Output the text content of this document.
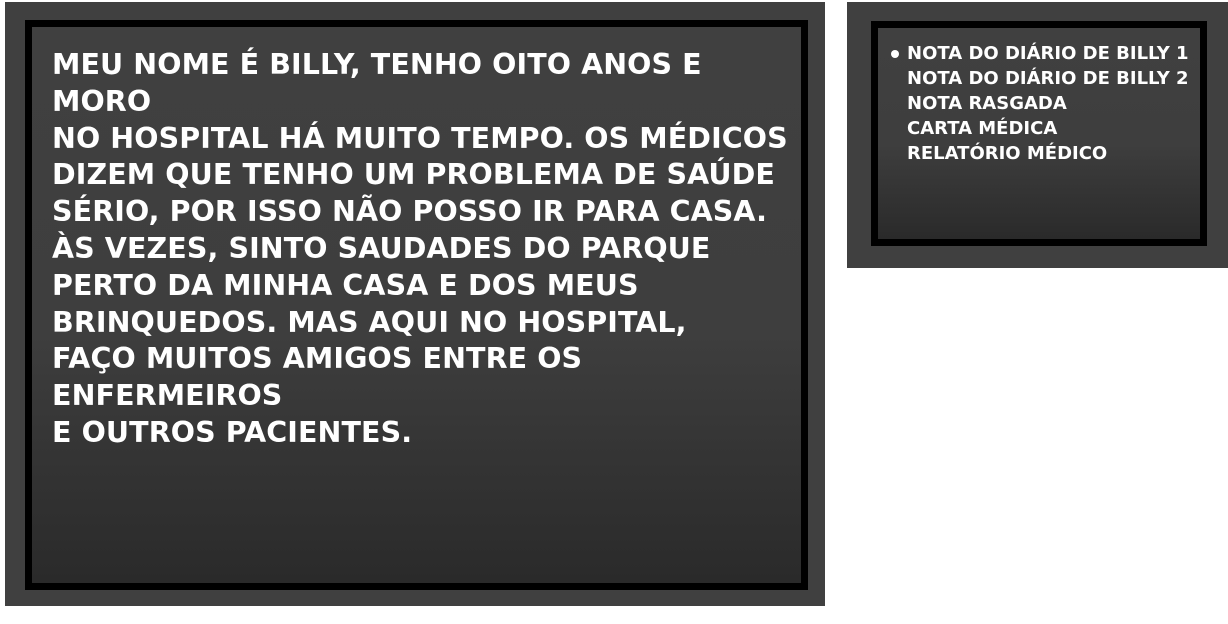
MEU NOME É BILLY, TENHO OITO ANOS E MORO
NO HOSPITAL HÁ MUITO TEMPO. OS MÉDICOS
DIZEM QUE TENHO UM PROBLEMA DE SAÚDE
SÉRIO, POR ISSO NÃO POSSO IR PARA CASA.
ÀS VEZES, SINTO SAUDADES DO PARQUE
PERTO DA MINHA CASA E DOS MEUS
BRINQUEDOS. MAS AQUI NO HOSPITAL,
FAÇO MUITOS AMIGOS ENTRE OS ENFERMEIROS
E OUTROS PACIENTES.

NOTA DO DIÁRIO DE BILLY 1
NOTA DO DIÁRIO DE BILLY 2
NOTA RASGADA
CARTA MÉDICA
RELATÓRIO MÉDICO
